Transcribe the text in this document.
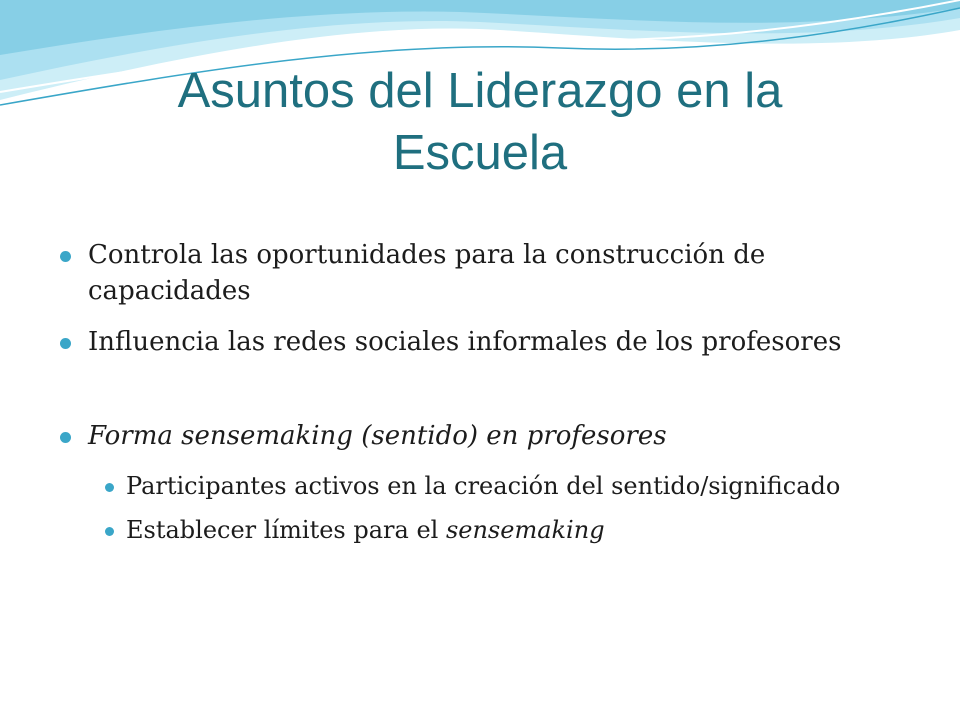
Asuntos del Liderazgo en la
Escuela
Controla las oportunidades para la construcción de capacidades
Influencia las redes sociales informales de los profesores
Forma sensemaking (sentido) en profesores
Participantes activos en la creación del sentido/significado
Establecer límites para el sensemaking
